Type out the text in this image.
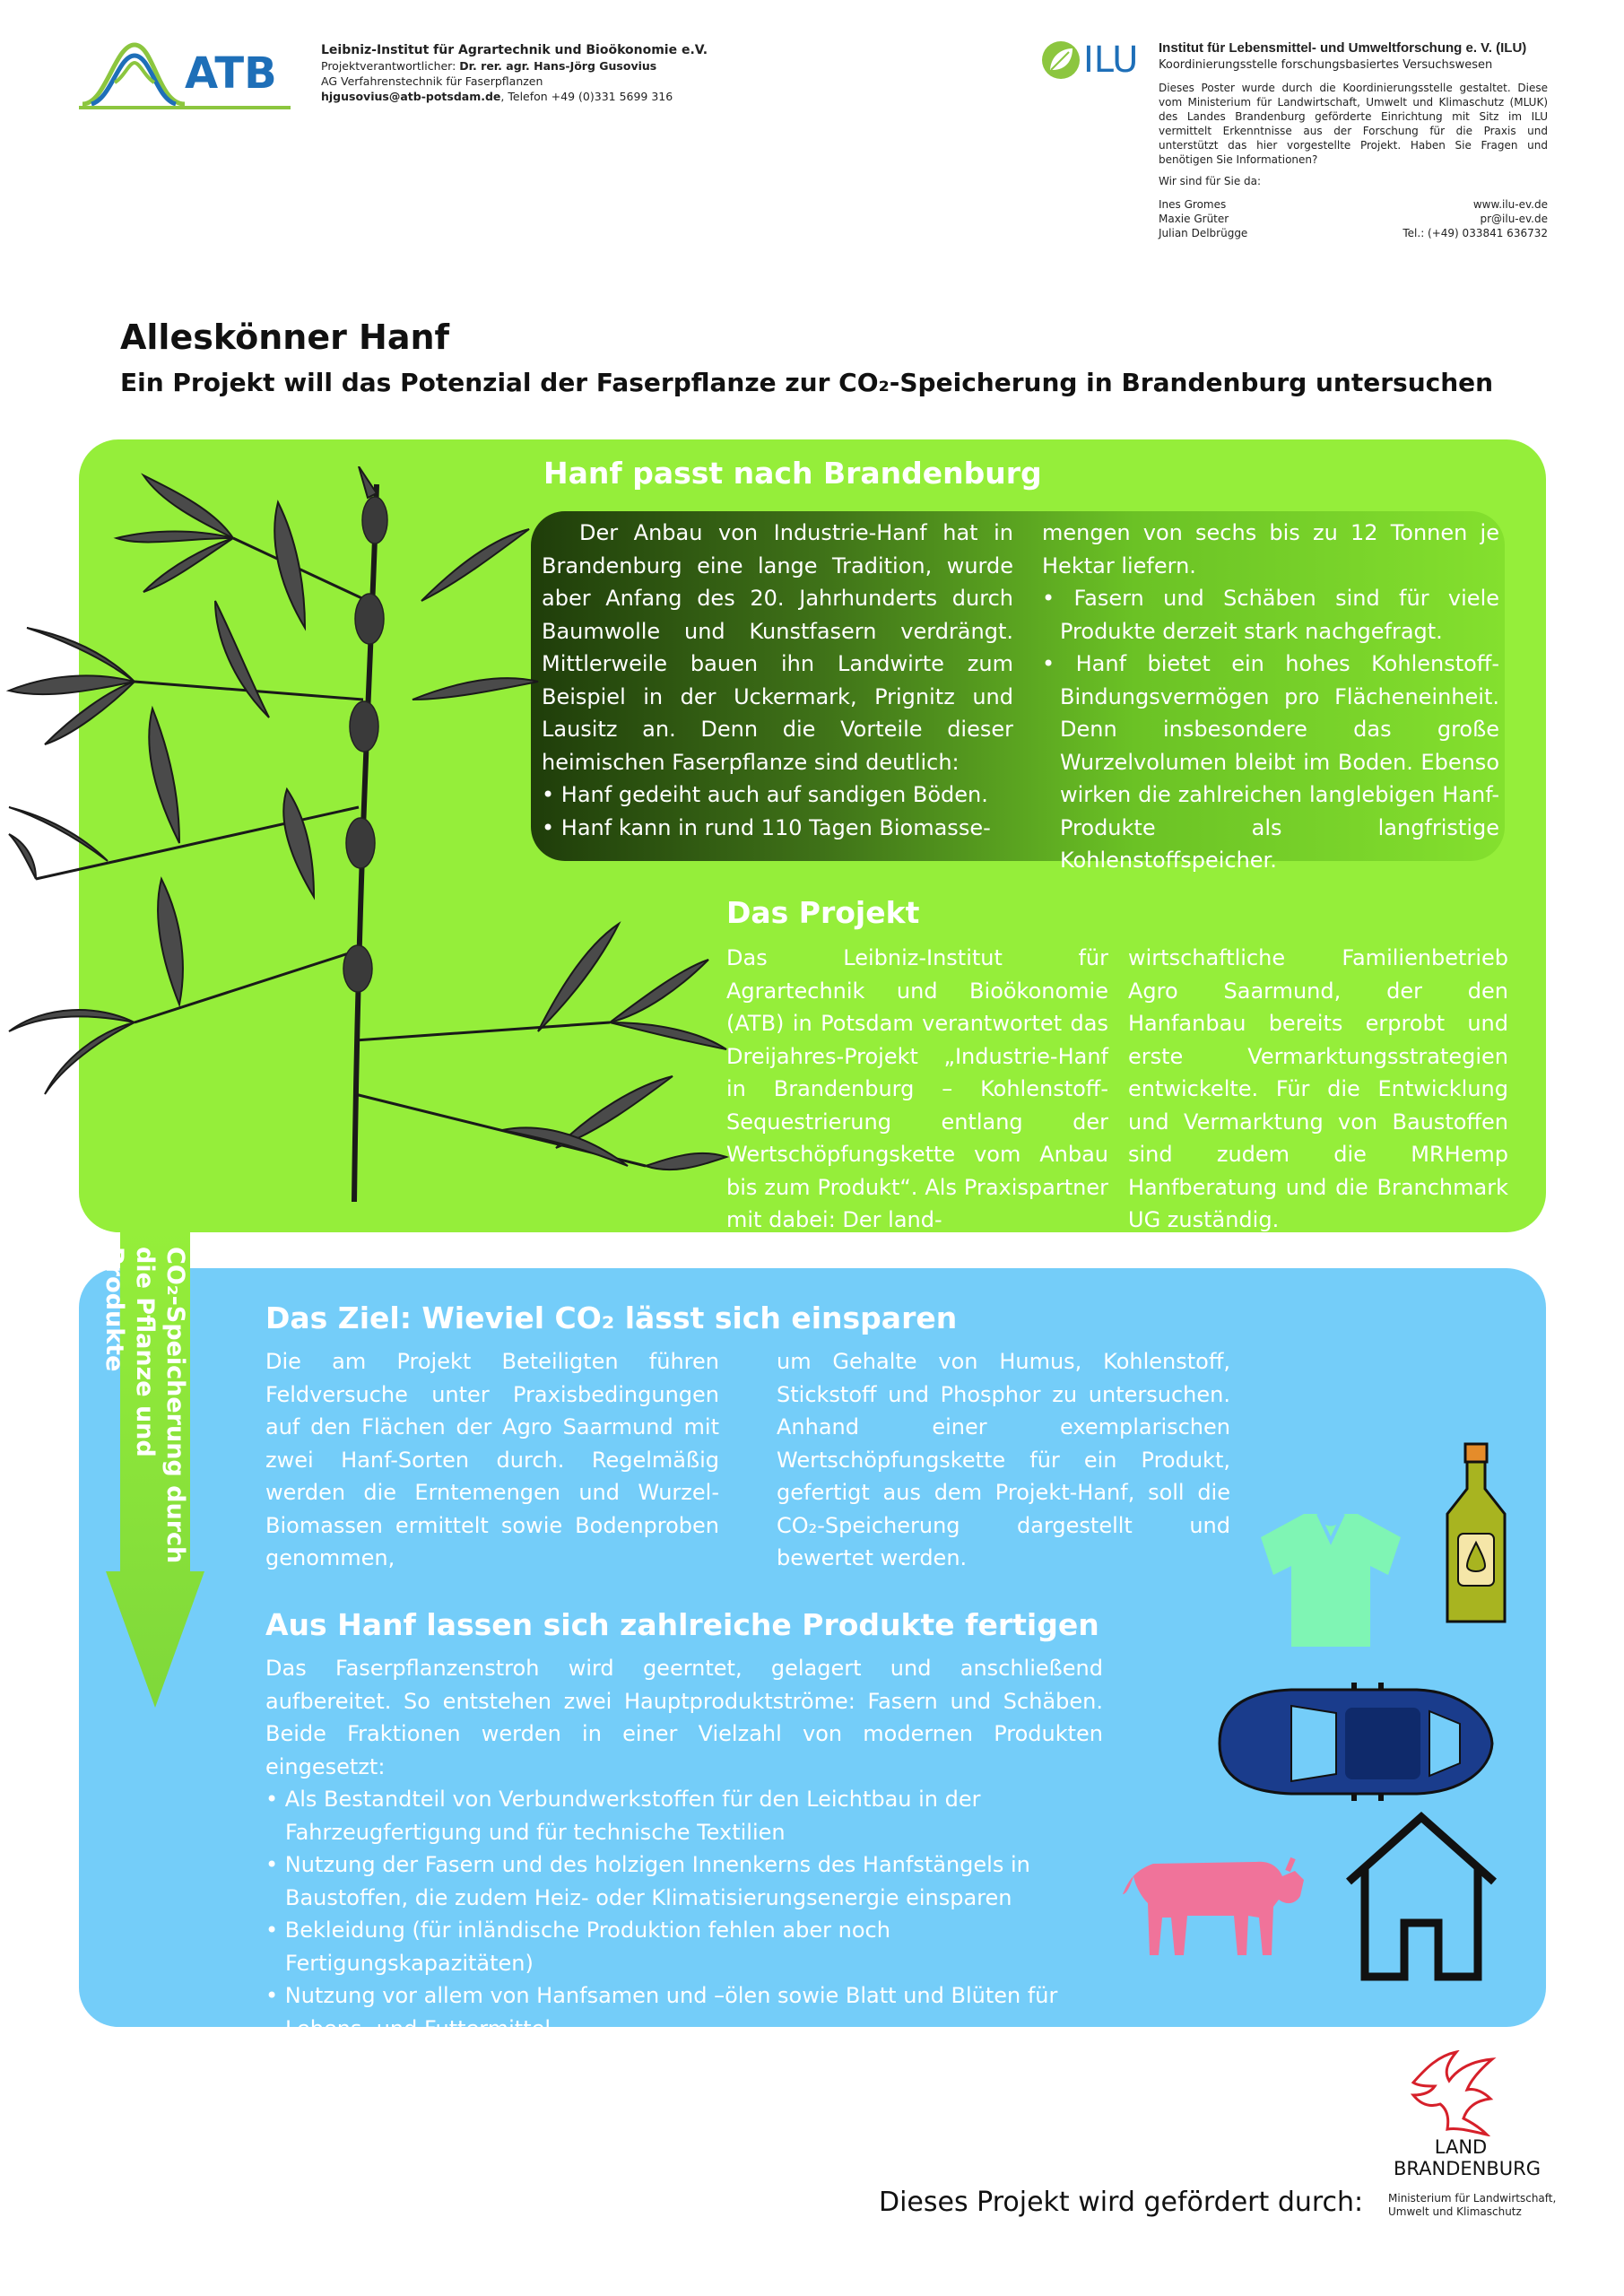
ATB	Leibniz-Institut für Agrartechnik und Bioökonomie e.V.
Projektverantwortlicher: Dr. rer. agr. Hans-Jörg Gusovius
AG Verfahrenstechnik für Faserpflanzen
hjgusovius@atb-potsdam.de, Telefon +49 (0)331 5699 316
ILU Institut für Lebensmittel- und Umweltforschung e. V. (ILU)
Koordinierungsstelle forschungsbasiertes Versuchswesen
Dieses Poster wurde durch die Koordinierungsstelle gestaltet. Diese vom Ministerium für Landwirtschaft, Umwelt und Klimaschutz (MLUK) des Landes Brandenburg geförderte Einrichtung mit Sitz im ILU vermittelt Erkenntnisse aus der Forschung für die Praxis und unterstützt das hier vorgestellte Projekt. Haben Sie Fragen und benötigen Sie Informationen?
Wir sind für Sie da:
Ines Gromes	www.ilu-ev.de
Maxie Grüter	pr@ilu-ev.de
Julian Delbrügge	Tel.: (+49) 033841 636732
Alleskönner Hanf
Ein Projekt will das Potenzial der Faserpflanze zur CO₂-Speicherung in Brandenburg untersuchen
Hanf passt nach Brandenburg
Der Anbau von Industrie-Hanf hat in Brandenburg eine lange Tradition, wurde aber Anfang des 20. Jahrhunderts durch Baumwolle und Kunstfasern verdrängt. Mittlerweile bauen ihn Landwirte zum Beispiel in der Uckermark, Prignitz und Lausitz an. Denn die Vorteile dieser heimischen Faserpflanze sind deutlich:
• Hanf gedeiht auch auf sandigen Böden.
• Hanf kann in rund 110 Tagen Biomasse-
mengen von sechs bis zu 12 Tonnen je Hektar liefern.
• Fasern und Schäben sind für viele Produkte derzeit stark nachgefragt.
• Hanf bietet ein hohes Kohlenstoff-Bindungsvermögen pro Flächeneinheit. Denn insbesondere das große Wurzelvolumen bleibt im Boden. Ebenso wirken die zahlreichen langlebigen Hanf-Produkte als langfristige Kohlenstoffspeicher.
Das Projekt
Das Leibniz-Institut für Agrartechnik und Bioökonomie (ATB) in Potsdam verantwortet das Dreijahres-Projekt „Industrie-Hanf in Brandenburg – Kohlenstoff-Sequestrierung entlang der Wertschöpfungskette vom Anbau bis zum Produkt“. Als Praxispartner mit dabei: Der land-
wirtschaftliche Familienbetrieb Agro Saarmund, der den Hanfanbau bereits erprobt und erste Vermarktungsstrategien entwickelte. Für die Entwicklung und Vermarktung von Baustoffen sind zudem die MRHemp Hanfberatung und die Branchmark UG zuständig.
CO₂-Speicherung durch die Pflanze und Produkte	Das Ziel: Wieviel CO₂ lässt sich einsparen
Die am Projekt Beteiligten führen Feldversuche unter Praxisbedingungen auf den Flächen der Agro Saarmund mit zwei Hanf-Sorten durch. Regelmäßig werden die Erntemengen und Wurzel-Biomassen ermittelt sowie Bodenproben genommen,
um Gehalte von Humus, Kohlenstoff, Stickstoff und Phosphor zu untersuchen. Anhand einer exemplarischen Wertschöpfungskette für ein Produkt, gefertigt aus dem Projekt-Hanf, soll die CO₂-Speicherung dargestellt und bewertet werden.
Aus Hanf lassen sich zahlreiche Produkte fertigen
Das Faserpflanzenstroh wird geerntet, gelagert und anschließend aufbereitet. So entstehen zwei Hauptproduktströme: Fasern und Schäben. Beide Fraktionen werden in einer Vielzahl von modernen Produkten eingesetzt:
• Als Bestandteil von Verbundwerkstoffen für den Leichtbau in der Fahrzeugfertigung und für technische Textilien
• Nutzung der Fasern und des holzigen Innenkerns des Hanfstängels in Baustoffen, die zudem Heiz- oder Klimatisierungsenergie einsparen
• Bekleidung (für inländische Produktion fehlen aber noch Fertigungskapazitäten)
• Nutzung vor allem von Hanfsamen und –ölen sowie Blatt und Blüten für Lebens- und Futtermittel
Dieses Projekt wird gefördert durch:
LAND
BRANDENBURG
Ministerium für Landwirtschaft, Umwelt und Klimaschutz
